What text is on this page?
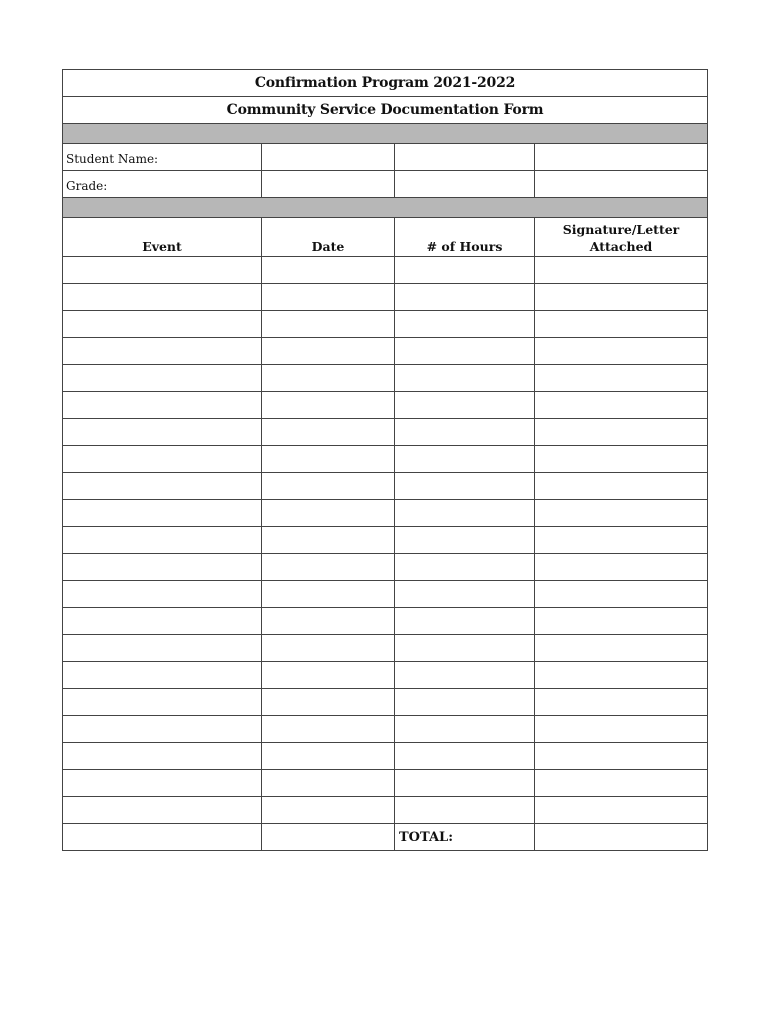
Confirmation Program 2021-2022			
Community Service Documentation Form			

Student Name:			
Grade:			

Event	Date	# of Hours	Signature/Letter Attached

		TOTAL:	
